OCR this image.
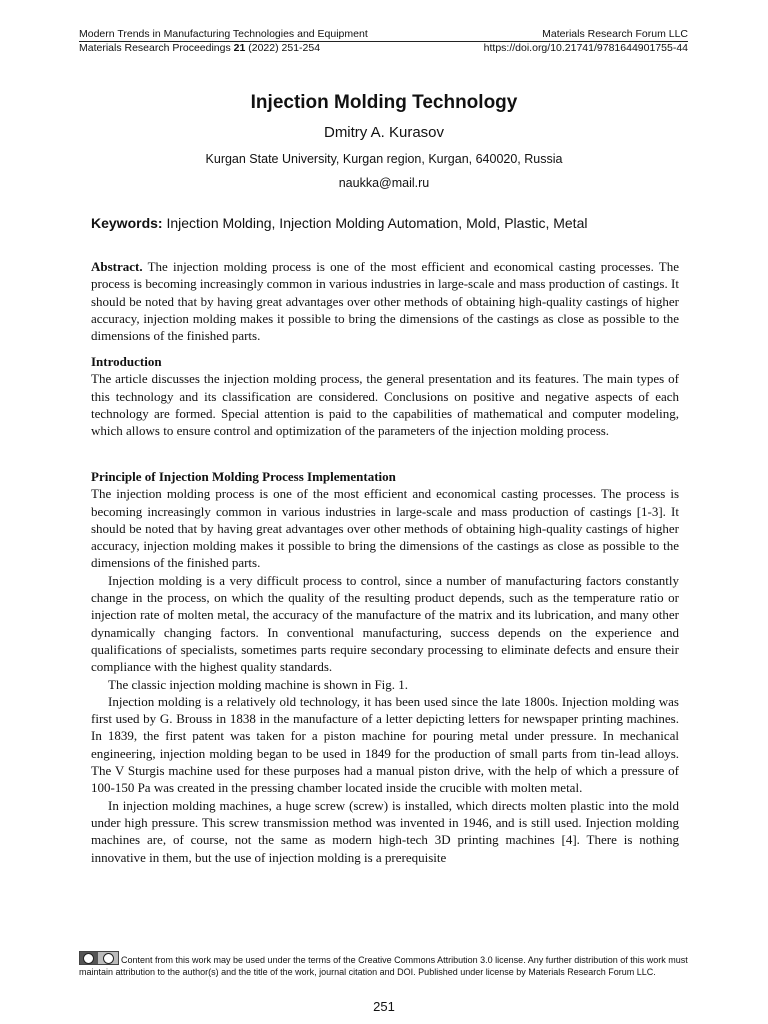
Modern Trends in Manufacturing Technologies and Equipment	Materials Research Forum LLC
Materials Research Proceedings 21 (2022) 251-254	https://doi.org/10.21741/9781644901755-44
Injection Molding Technology
Dmitry A. Kurasov
Kurgan State University, Kurgan region, Kurgan, 640020, Russia
naukka@mail.ru
Keywords: Injection Molding, Injection Molding Automation, Mold, Plastic, Metal

Abstract. The injection molding process is one of the most efficient and economical casting processes. The process is becoming increasingly common in various industries in large-scale and mass production of castings. It should be noted that by having great advantages over other methods of obtaining high-quality castings of higher accuracy, injection molding makes it possible to bring the dimensions of the castings as close as possible to the dimensions of the finished parts.

Introduction

The article discusses the injection molding process, the general presentation and its features. The main types of this technology and its classification are considered. Conclusions on positive and negative aspects of each technology are formed. Special attention is paid to the capabilities of mathematical and computer modeling, which allows to ensure control and optimization of the parameters of the injection molding process.

Principle of Injection Molding Process Implementation

The injection molding process is one of the most efficient and economical casting processes. The process is becoming increasingly common in various industries in large-scale and mass production of castings [1-3]. It should be noted that by having great advantages over other methods of obtaining high-quality castings of higher accuracy, injection molding makes it possible to bring the dimensions of the castings as close as possible to the dimensions of the finished parts.

Injection molding is a very difficult process to control, since a number of manufacturing factors constantly change in the process, on which the quality of the resulting product depends, such as the temperature ratio or injection rate of molten metal, the accuracy of the manufacture of the matrix and its lubrication, and many other dynamically changing factors. In conventional manufacturing, success depends on the experience and qualifications of specialists, sometimes parts require secondary processing to eliminate defects and ensure their compliance with the highest quality standards.

The classic injection molding machine is shown in Fig. 1.

Injection molding is a relatively old technology, it has been used since the late 1800s. Injection molding was first used by G. Brouss in 1838 in the manufacture of a letter depicting letters for newspaper printing machines. In 1839, the first patent was taken for a piston machine for pouring metal under pressure. In mechanical engineering, injection molding began to be used in 1849 for the production of small parts from tin-lead alloys. The V Sturgis machine used for these purposes had a manual piston drive, with the help of which a pressure of 100-150 Pa was created in the pressing chamber located inside the crucible with molten metal.

In injection molding machines, a huge screw (screw) is installed, which directs molten plastic into the mold under high pressure. This screw transmission method was invented in 1946, and is still used. Injection molding machines are, of course, not the same as modern high-tech 3D printing machines [4]. There is nothing innovative in them, but the use of injection molding is a prerequisite

Content from this work may be used under the terms of the Creative Commons Attribution 3.0 license. Any further distribution of this work must maintain attribution to the author(s) and the title of the work, journal citation and DOI. Published under license by Materials Research Forum LLC.
251
